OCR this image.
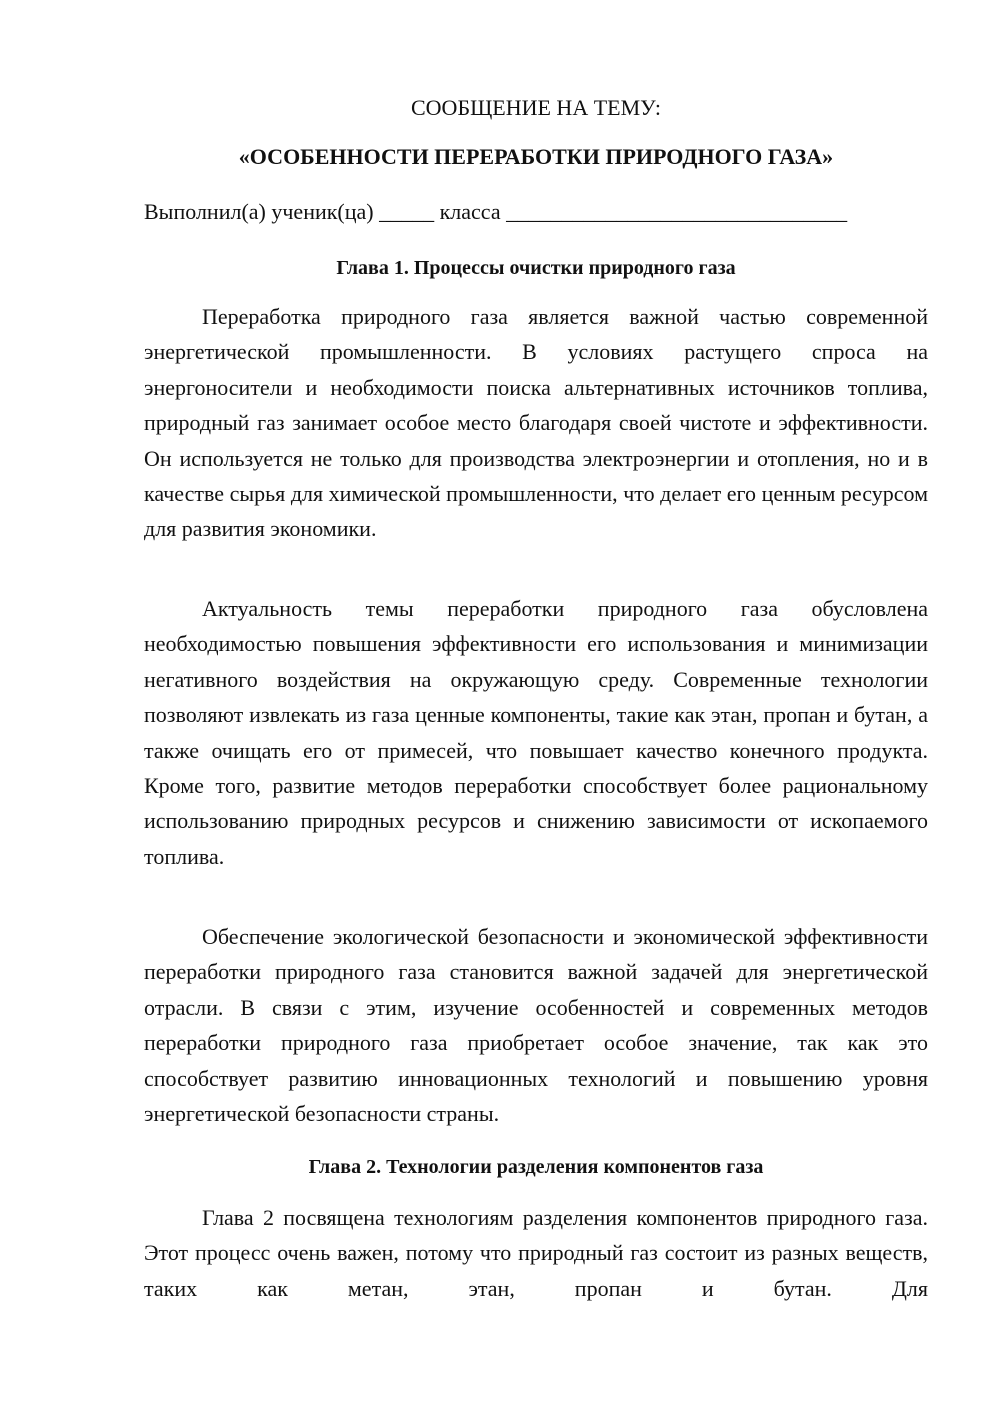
СООБЩЕНИЕ НА ТЕМУ:
«ОСОБЕННОСТИ ПЕРЕРАБОТКИ ПРИРОДНОГО ГАЗА»
Выполнил(а) ученик(ца) _____ класса _______________________________
Глава 1. Процессы очистки природного газа

Переработка природного газа является важной частью современной энергетической промышленности. В условиях растущего спроса на энергоносители и необходимости поиска альтернативных источников топлива, природный газ занимает особое место благодаря своей чистоте и эффективности. Он используется не только для производства электроэнергии и отопления, но и в качестве сырья для химической промышленности, что делает его ценным ресурсом для развития экономики.

Актуальность темы переработки природного газа обусловлена необходимостью повышения эффективности его использования и минимизации негативного воздействия на окружающую среду. Современные технологии позволяют извлекать из газа ценные компоненты, такие как этан, пропан и бутан, а также очищать его от примесей, что повышает качество конечного продукта. Кроме того, развитие методов переработки способствует более рациональному использованию природных ресурсов и снижению зависимости от ископаемого топлива.

Обеспечение экологической безопасности и экономической эффективности переработки природного газа становится важной задачей для энергетической отрасли. В связи с этим, изучение особенностей и современных методов переработки природного газа приобретает особое значение, так как это способствует развитию инновационных технологий и повышению уровня энергетической безопасности страны.

Глава 2. Технологии разделения компонентов газа

Глава 2 посвящена технологиям разделения компонентов природного газа. Этот процесс очень важен, потому что природный газ состоит из разных веществ, таких как метан, этан, пропан и бутан. Для
